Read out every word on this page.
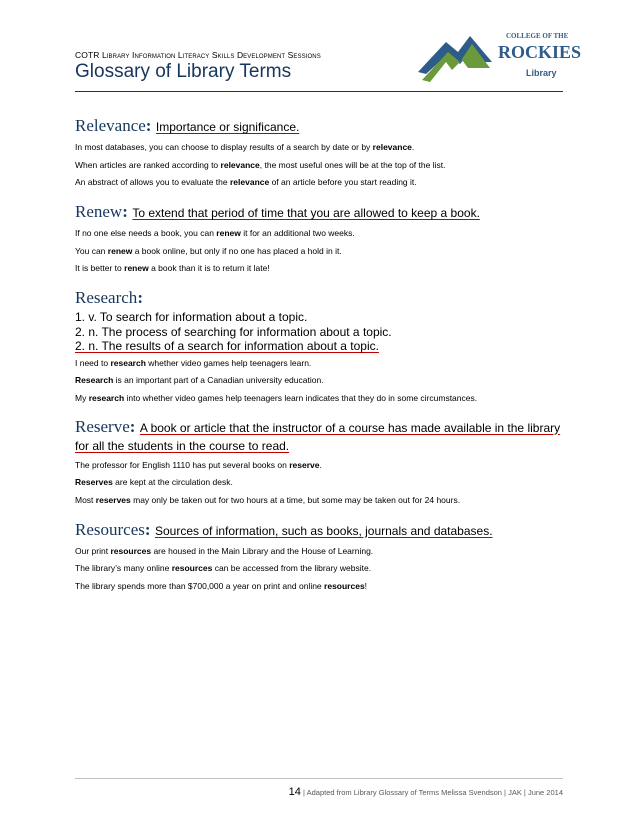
COTR Library Information Literacy Skills Development Sessions
Glossary of Library Terms
COLLEGE OF THE
ROCKIES
Library
Relevance: Importance or significance.

In most databases, you can choose to display results of a search by date or by relevance.

When articles are ranked according to relevance, the most useful ones will be at the top of the list.

An abstract of allows you to evaluate the relevance of an article before you start reading it.

Renew: To extend that period of time that you are allowed to keep a book.

If no one else needs a book, you can renew it for an additional two weeks.

You can renew a book online, but only if no one has placed a hold in it.

It is better to renew a book than it is to return it late!

Research:

1. v. To search for information about a topic.

2. n. The process of searching for information about a topic.

2. n. The results of a search for information about a topic.

I need to research whether video games help teenagers learn.

Research is an important part of a Canadian university education.

My research into whether video games help teenagers learn indicates that they do in some circumstances.

Reserve: A book or article that the instructor of a course has made available in the library for all the students in the course to read.

The professor for English 1110 has put several books on reserve.

Reserves are kept at the circulation desk.

Most reserves may only be taken out for two hours at a time, but some may be taken out for 24 hours.

Resources: Sources of information, such as books, journals and databases.

Our print resources are housed in the Main Library and the House of Learning.

The library’s many online resources can be accessed from the library website.

The library spends more than $700,000 a year on print and online resources!

14 | Adapted from Library Glossary of Terms Melissa Svendson | JAK | June 2014
